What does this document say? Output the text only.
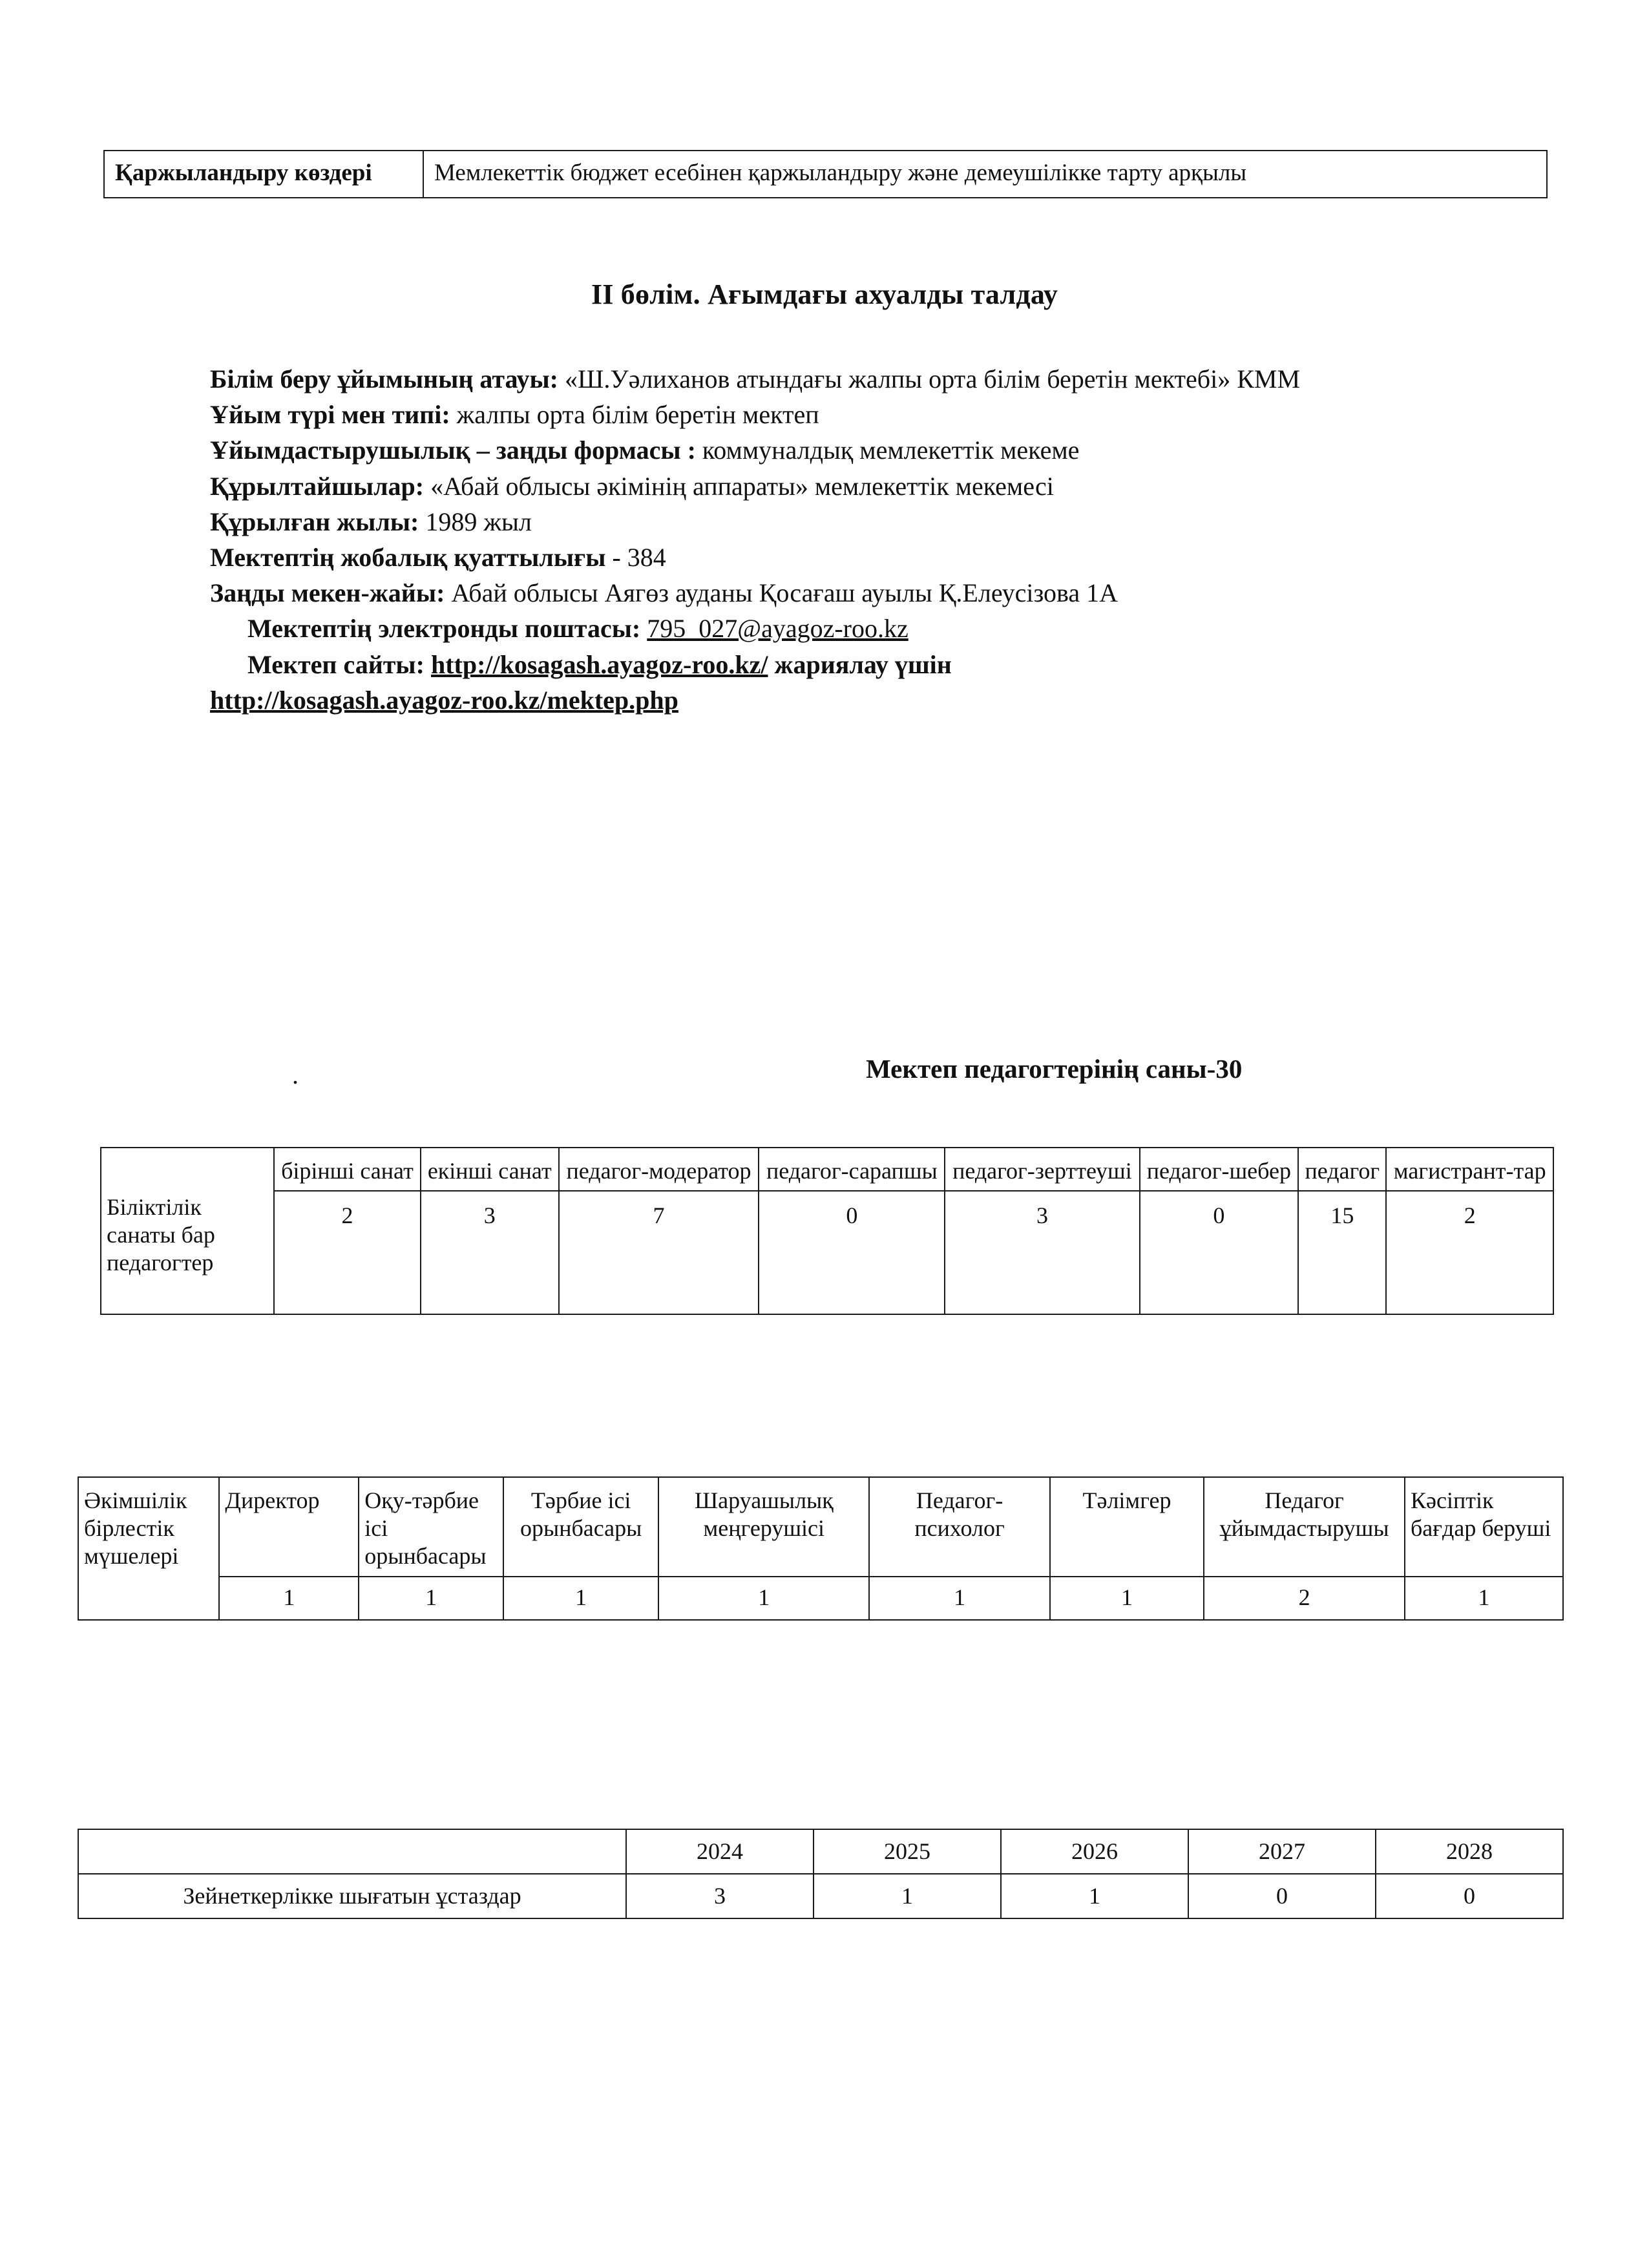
Қаржыландыру көздері	Мемлекеттік бюджет есебінен қаржыландыру және демеушілікке тарту арқылы
II бөлім. Ағымдағы ахуалды талдау

Білім беру ұйымының атауы: «Ш.Уәлиханов атындағы жалпы орта білім беретін мектебі» КММ

Ұйым түрі мен типі: жалпы орта білім беретін мектеп

Ұйымдастырушылық – заңды формасы : коммуналдық мемлекеттік мекеме

Құрылтайшылар: «Абай облысы әкімінің аппараты» мемлекеттік мекемесі

Құрылған жылы: 1989 жыл

Мектептің жобалық қуаттылығы - 384

Заңды мекен-жайы: Абай облысы Аягөз ауданы Қосағаш ауылы Қ.Елеусізова 1А

Мектептің электронды поштасы: 795_027@ayagoz-roo.kz

Мектеп сайты: http://kosagash.ayagoz-roo.kz/ жариялау үшін

http://kosagash.ayagoz-roo.kz/mektep.php

.	Мектеп педагогтерінің саны-30
Біліктілік санаты бар педагогтер	бірінші санат	екінші санат	педагог-модератор	педагог-сарапшы	педагог-зерттеуші	педагог-шебер	педагог	магистрант-тар
	2	3	7	0	3	0	15	2
Әкімшілік бірлестік мүшелері	Директор	Оқу-тәрбие ісі орынбасары	Тәрбие ісі орынбасары	Шаруашылық меңгерушісі	Педагог-психолог	Тәлімгер	Педагог ұйымдастырушы	Кәсіптік бағдар беруші
	1	1	1	1	1	1	2	1
	2024	2025	2026	2027	2028
Зейнеткерлікке шығатын ұстаздар	3	1	1	0	0
